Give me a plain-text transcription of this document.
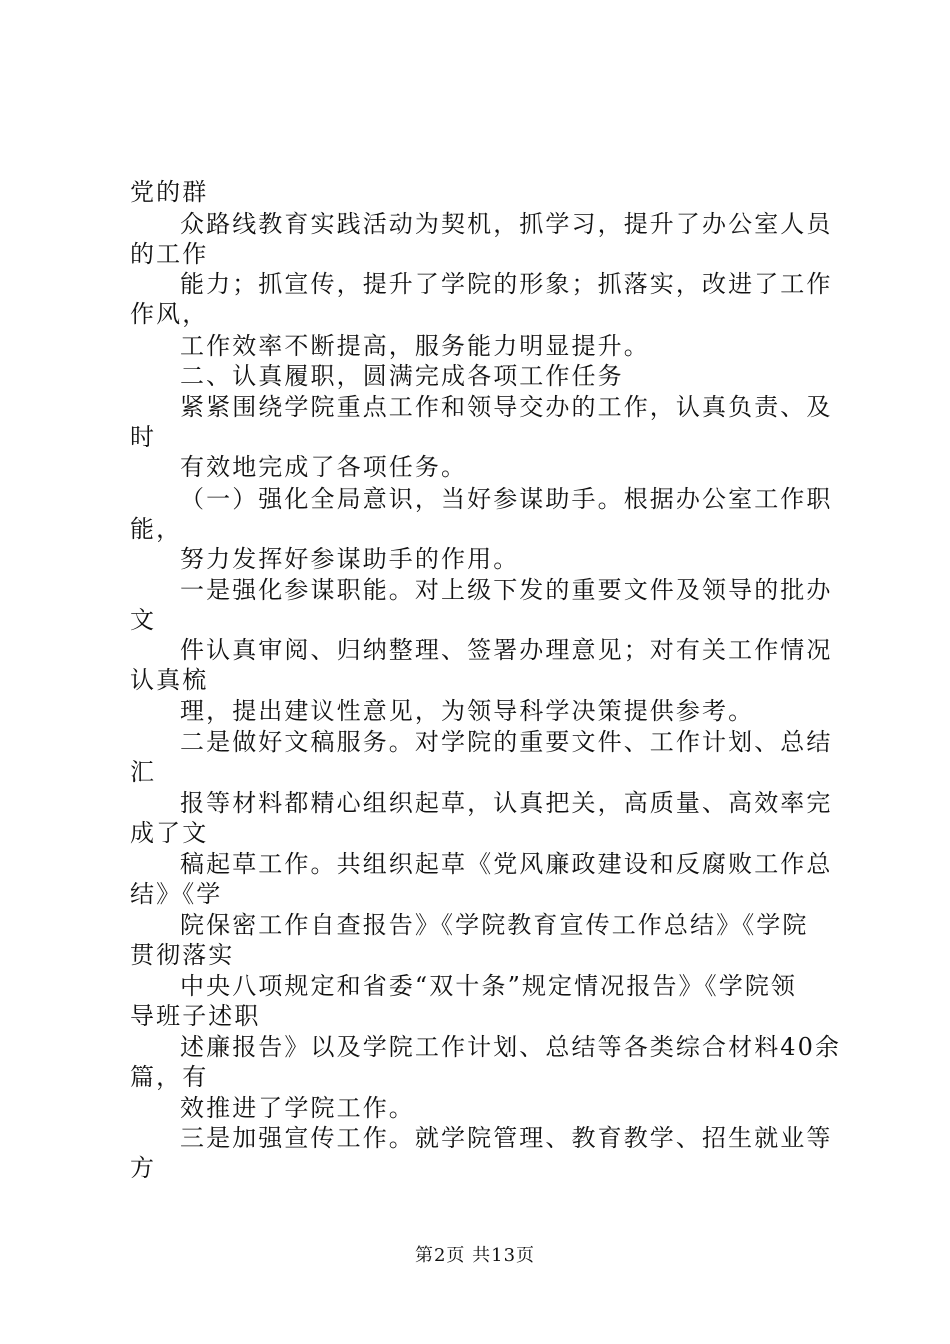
党的群
众路线教育实践活动为契机，抓学习，提升了办公室人员
的工作
能力；抓宣传，提升了学院的形象；抓落实，改进了工作
作风，
工作效率不断提高，服务能力明显提升。
二、认真履职，圆满完成各项工作任务
紧紧围绕学院重点工作和领导交办的工作，认真负责、及
时
有效地完成了各项任务。
（一）强化全局意识，当好参谋助手。根据办公室工作职
能，
努力发挥好参谋助手的作用。
一是强化参谋职能。对上级下发的重要文件及领导的批办
文
件认真审阅、归纳整理、签署办理意见；对有关工作情况
认真梳
理，提出建议性意见，为领导科学决策提供参考。
二是做好文稿服务。对学院的重要文件、工作计划、总结
汇
报等材料都精心组织起草，认真把关，高质量、高效率完
成了文
稿起草工作。共组织起草《党风廉政建设和反腐败工作总
结》《学
院保密工作自查报告》《学院教育宣传工作总结》《学院
贯彻落实
中央八项规定和省委“双十条”规定情况报告》《学院领
导班子述职
述廉报告》以及学院工作计划、总结等各类综合材料40余
篇，有
效推进了学院工作。
三是加强宣传工作。就学院管理、教育教学、招生就业等
方
第2页 共13页
